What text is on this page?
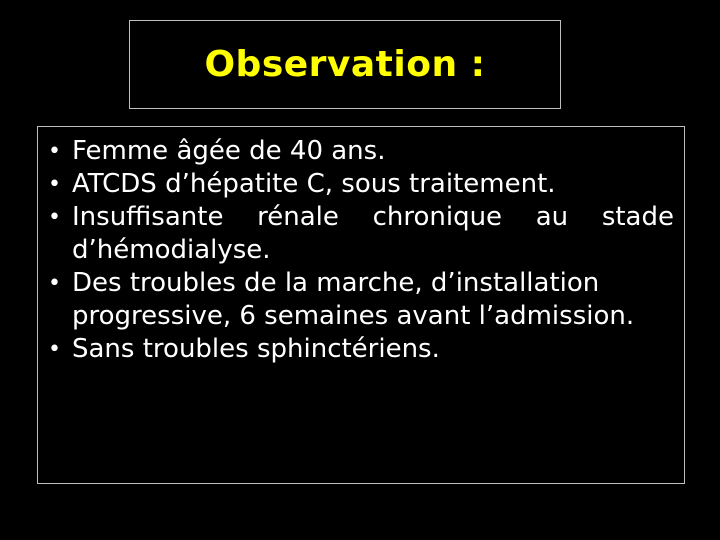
Observation :
• Femme âgée de 40 ans.
• ATCDS d’hépatite C, sous traitement.
• Insuffisante rénale chronique au stade d’hémodialyse.
• Des troubles de la marche, d’installation progressive, 6 semaines avant l’admission.
• Sans troubles sphinctériens.
